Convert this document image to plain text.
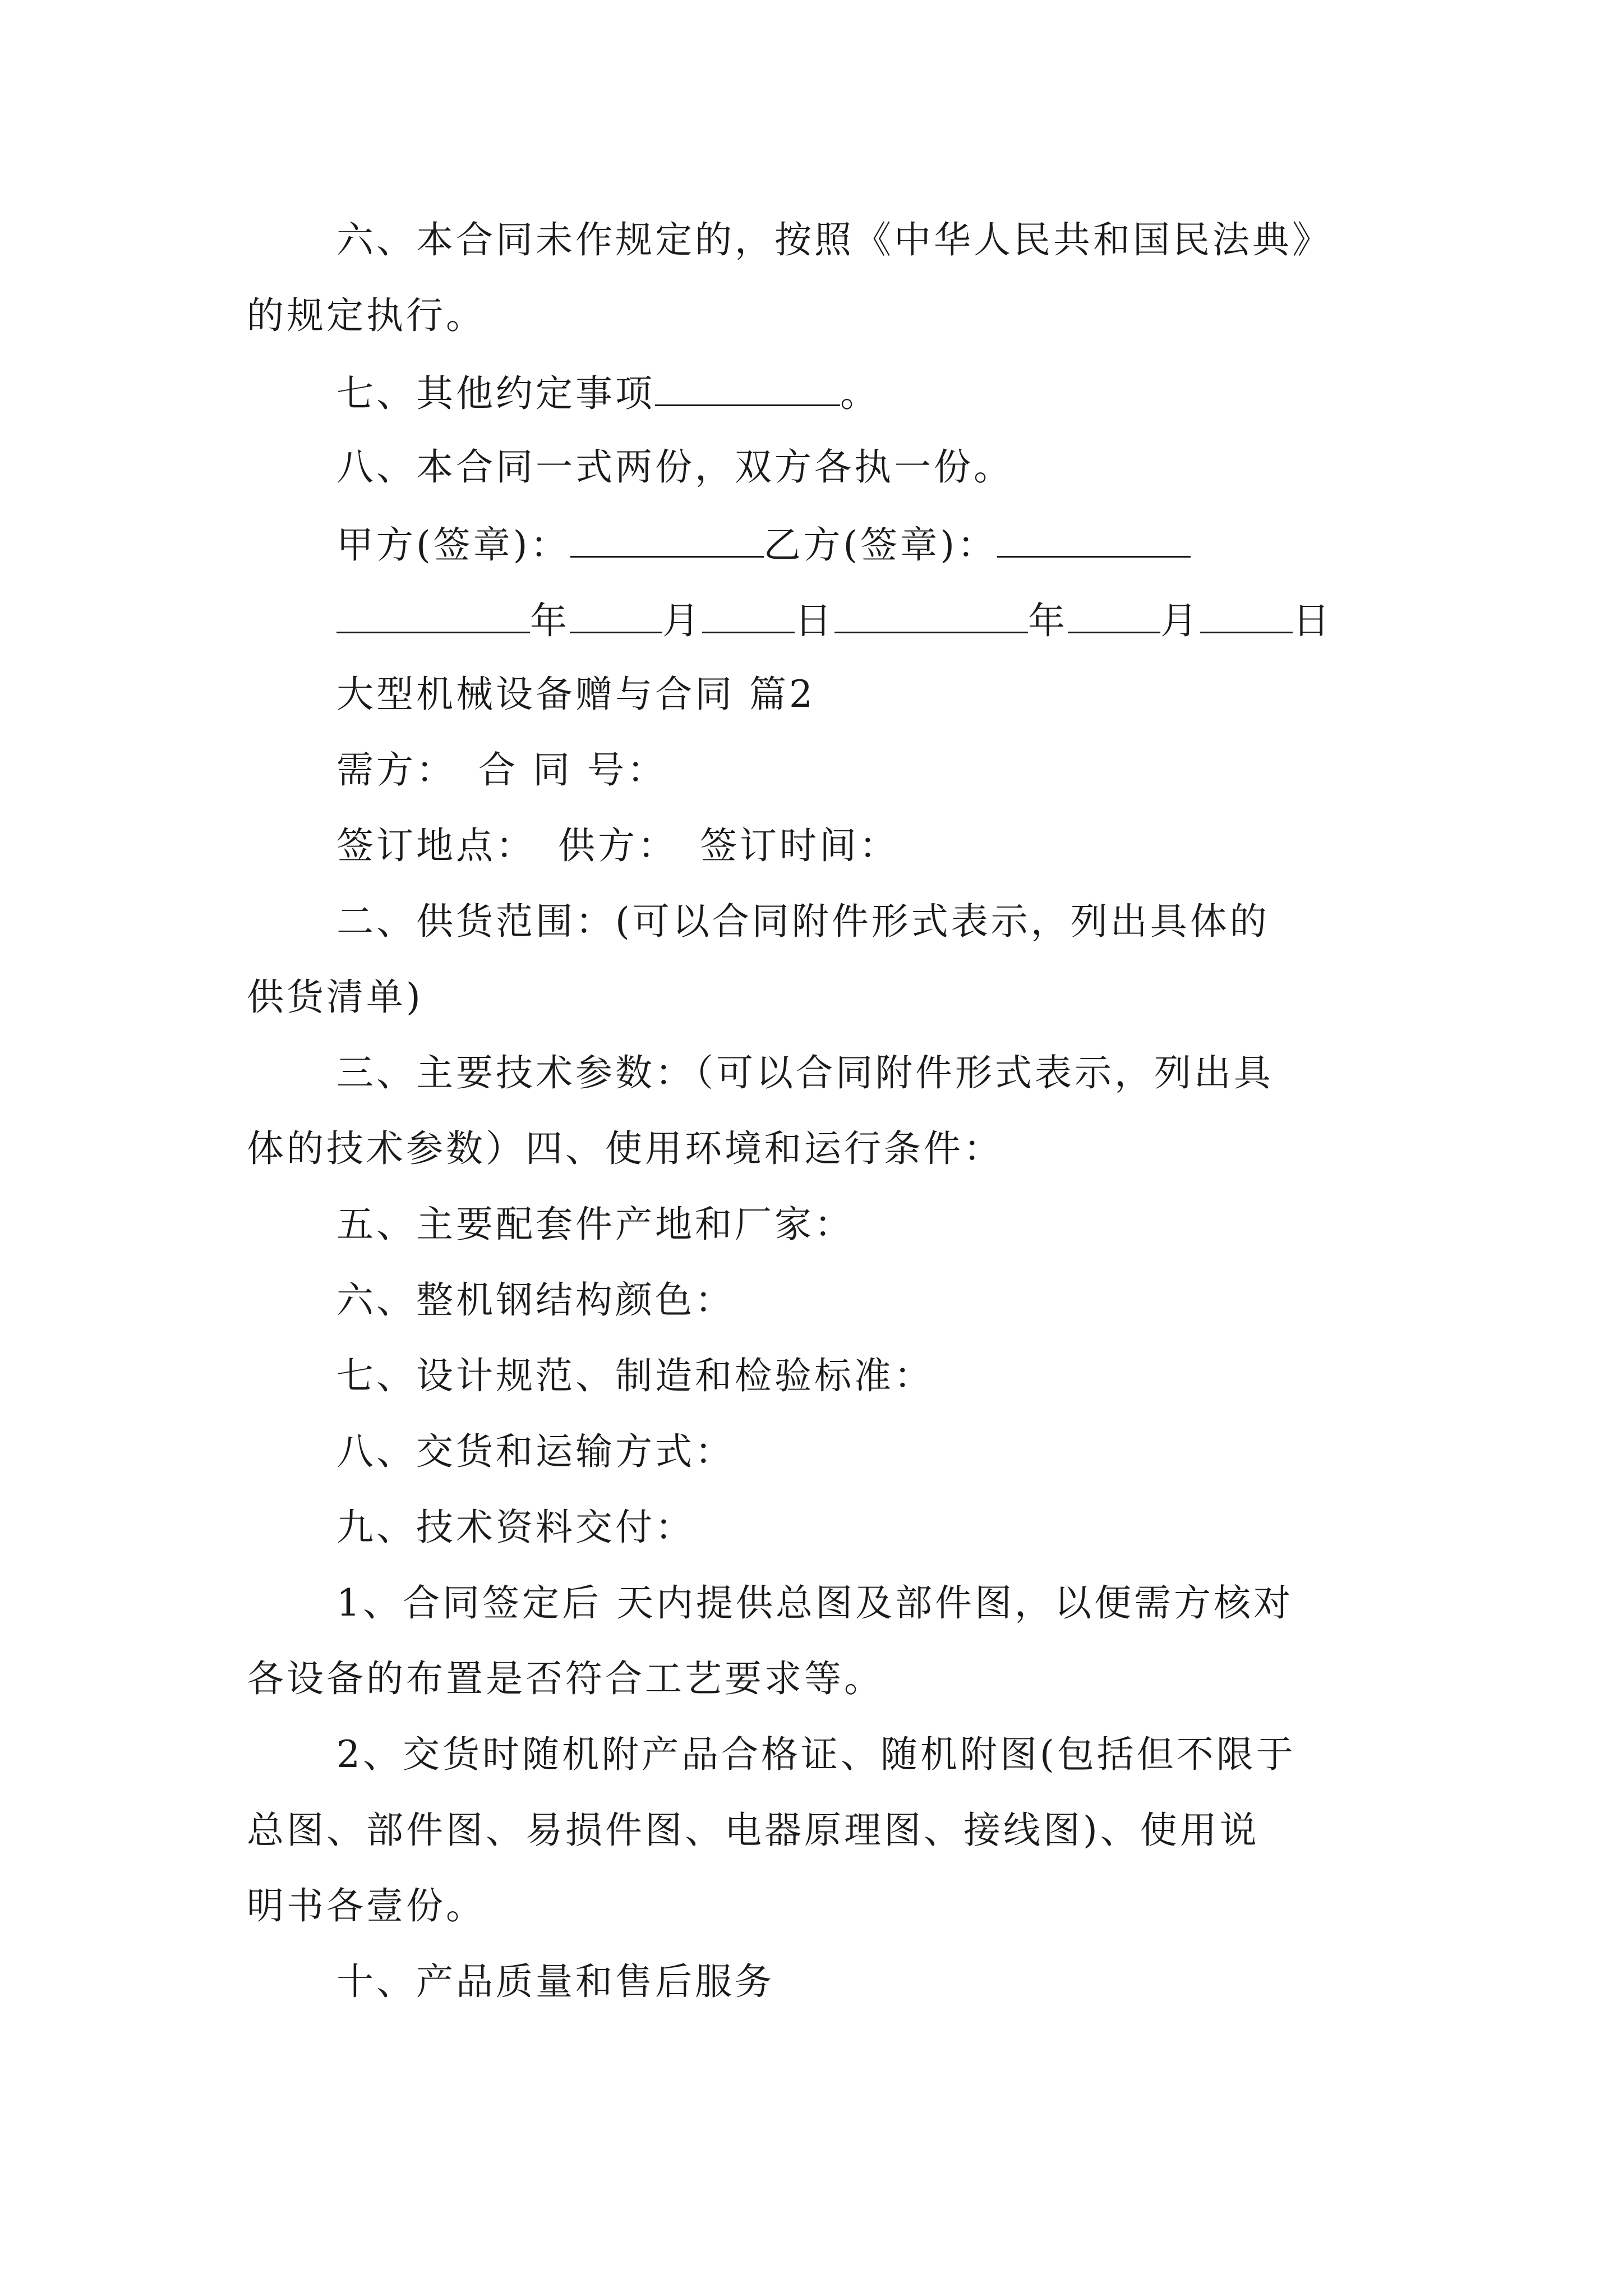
六、本合同未作规定的，按照《中华人民共和国民法典》
的规定执行。
七、其他约定事项	。
八、本合同一式两份，双方各执一份。
甲方(签章)：	乙方(签章)：
年	月	日	年	月	日
大型机械设备赠与合同 篇2
需方： 合 同 号：
签订地点： 供方： 签订时间：
二、供货范围：(可以合同附件形式表示，列出具体的
供货清单)
三、主要技术参数：（可以合同附件形式表示，列出具
体的技术参数）四、使用环境和运行条件：
五、主要配套件产地和厂家：
六、整机钢结构颜色：
七、设计规范、制造和检验标准：
八、交货和运输方式：
九、技术资料交付：
1、合同签定后 天内提供总图及部件图，以便需方核对
各设备的布置是否符合工艺要求等。
2、交货时随机附产品合格证、随机附图(包括但不限于
总图、部件图、易损件图、电器原理图、接线图)、使用说
明书各壹份。
十、产品质量和售后服务
